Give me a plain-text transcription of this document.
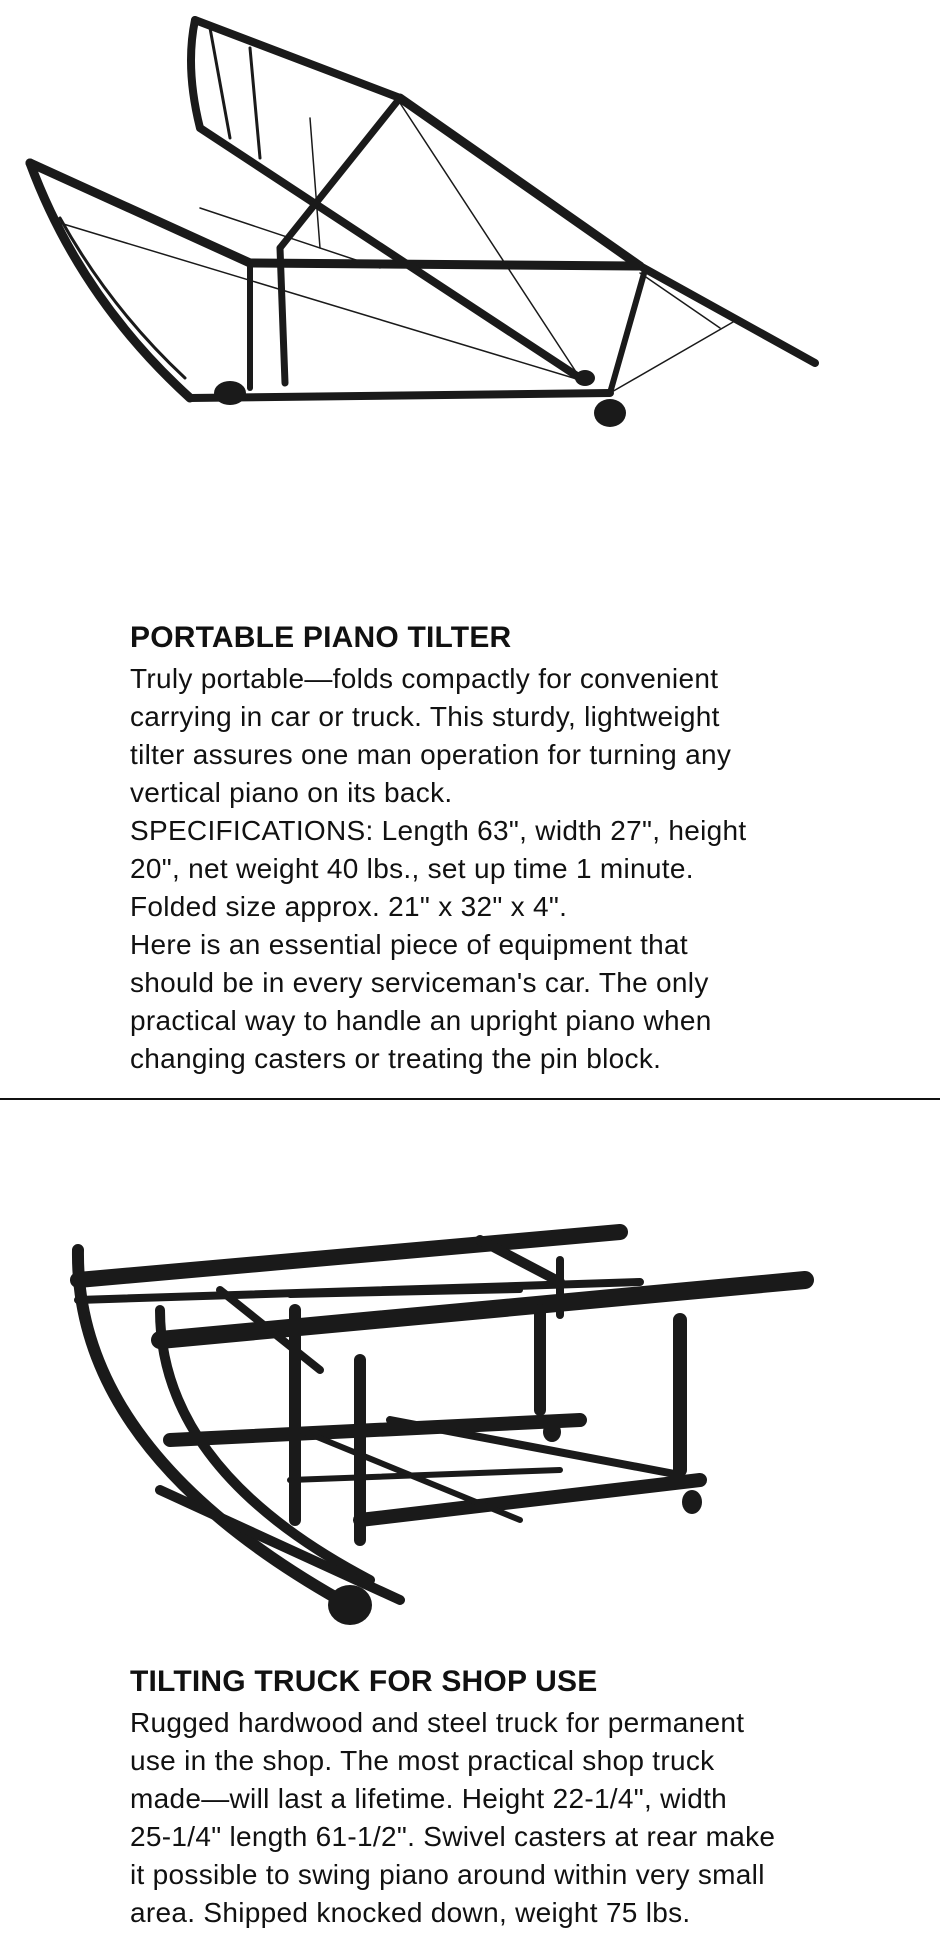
PORTABLE PIANO TILTER

Truly portable—folds compactly for convenient
carrying in car or truck. This sturdy, lightweight
tilter assures one man operation for turning any
vertical piano on its back.
SPECIFICATIONS: Length 63", width 27", height
20", net weight 40 lbs., set up time 1 minute.
Folded size approx. 21" x 32" x 4".
Here is an essential piece of equipment that
should be in every serviceman's car. The only
practical way to handle an upright piano when
changing casters or treating the pin block.

TILTING TRUCK FOR SHOP USE

Rugged hardwood and steel truck for permanent
use in the shop. The most practical shop truck
made—will last a lifetime. Height 22-1/4", width
25-1/4" length 61-1/2". Swivel casters at rear make
it possible to swing piano around within very small
area. Shipped knocked down, weight 75 lbs.
